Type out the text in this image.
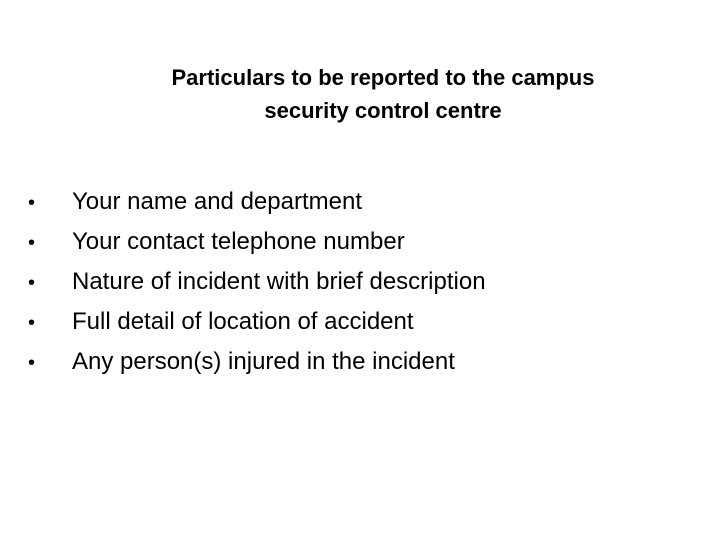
Particulars to be reported to the campus
security control centre
•	Your name and department
•	Your contact telephone number
•	Nature of incident with brief description
•	Full detail of location of accident
•	Any person(s) injured in the incident
